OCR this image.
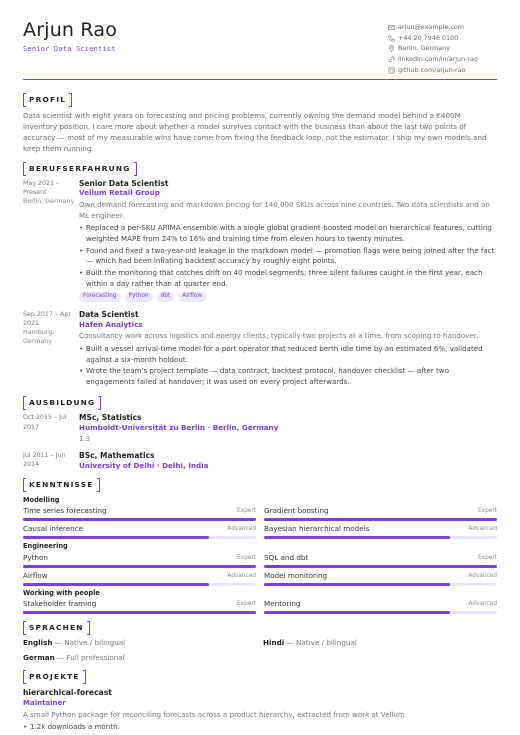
Arjun Rao
Senior Data Scientist
arjun@example.com
+44 20 7946 0100
Berlin, Germany
linkedin.com/in/arjun-rao
github.com/arjun-rao
PROFIL
Data scientist with eight years on forecasting and pricing problems, currently owning the demand model behind a €400M inventory position. I care more about whether a model survives contact with the business than about the last two points of accuracy — most of my measurable wins have come from fixing the feedback loop, not the estimator. I ship my own models and keep them running.
BERUFSERFAHRUNG
May 2021 – Present
Berlin, Germany
Senior Data Scientist
Vellum Retail Group
Own demand forecasting and markdown pricing for 140,000 SKUs across nine countries. Two data scientists and an ML engineer.
• Replaced a per-SKU ARIMA ensemble with a single global gradient-boosted model on hierarchical features, cutting weighted MAPE from 24% to 16% and training time from eleven hours to twenty minutes.
• Found and fixed a two-year-old leakage in the markdown model — promotion flags were being joined after the fact — which had been inflating backtest accuracy by roughly eight points.
• Built the monitoring that catches drift on 40 model segments; three silent failures caught in the first year, each within a day rather than at quarter end.
Forecasting	Python	dbt	Airflow
Sep 2017 – Apr 2021
Hamburg, Germany
Data Scientist
Hafen Analytics
Consultancy work across logistics and energy clients; typically two projects at a time, from scoping to handover.
• Built a vessel arrival-time model for a port operator that reduced berth idle time by an estimated 6%, validated against a six-month holdout.
• Wrote the team's project template — data contract, backtest protocol, handover checklist — after two engagements failed at handover; it was used on every project afterwards.
AUSBILDUNG
Oct 2015 – Jul 2017
MSc, Statistics
Humboldt-Universität zu Berlin · Berlin, Germany
1.3
Jul 2011 – Jun 2014
BSc, Mathematics
University of Delhi · Delhi, India
KENNTNISSE
Modelling
Time series forecasting	Expert Gradient boosting	Expert
Causal inference	Advanced Bayesian hierarchical models	Advanced
Engineering
Python	Expert SQL and dbt	Expert
Airflow	Advanced Model monitoring	Advanced
Working with people
Stakeholder framing	Expert Mentoring	Advanced
SPRACHEN
English — Native / bilingual	Hindi — Native / bilingual
German — Full professional
PROJEKTE
hierarchical-forecast
Maintainer
A small Python package for reconciling forecasts across a product hierarchy, extracted from work at Vellum.
• 1.2k downloads a month.
